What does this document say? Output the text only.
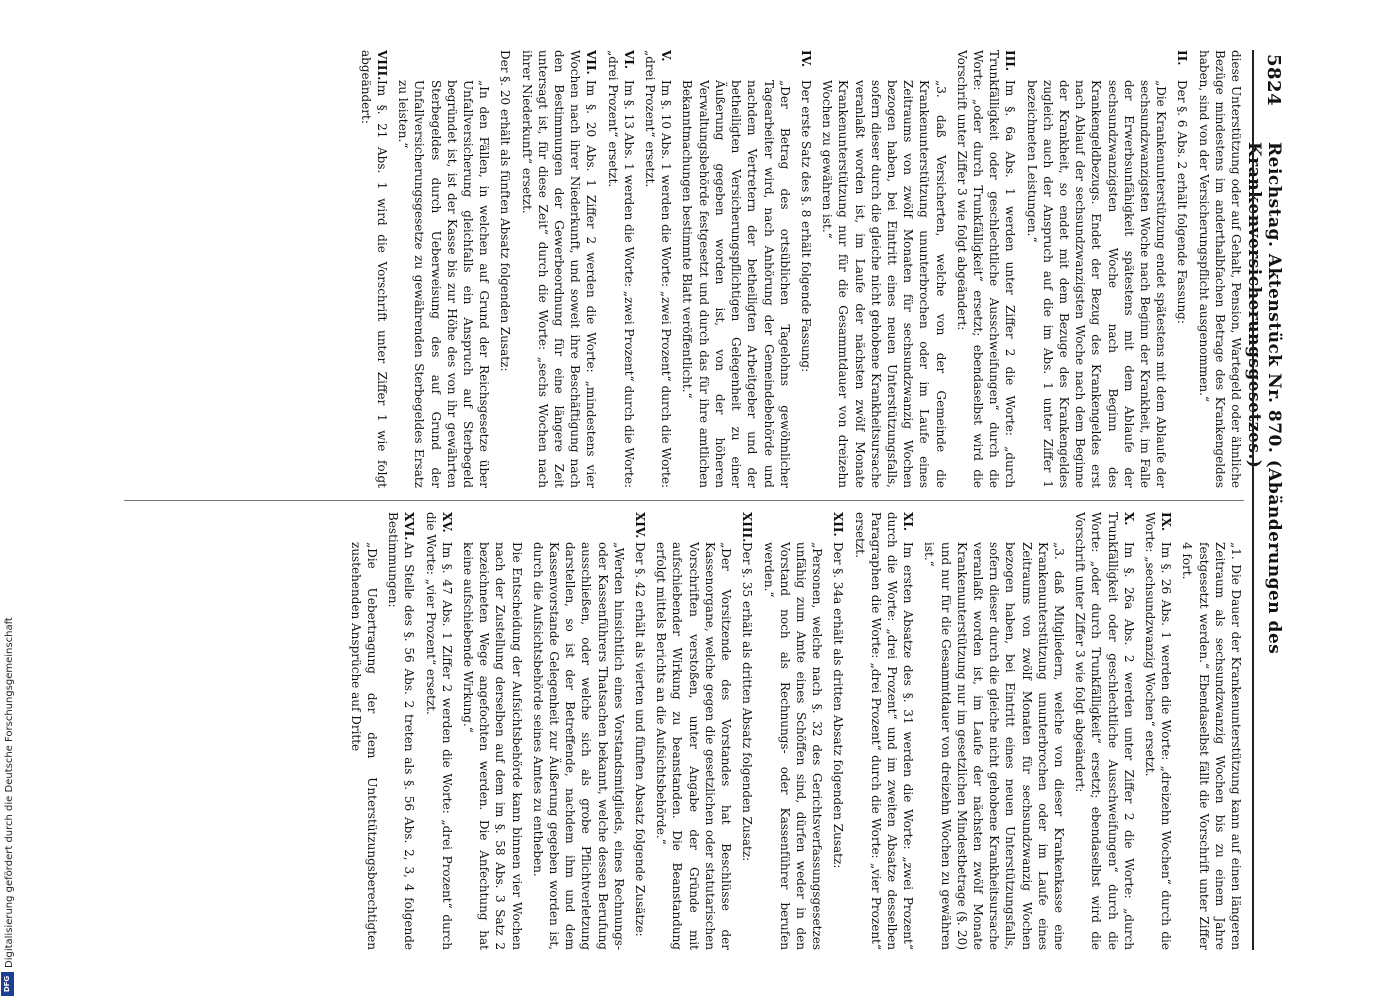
Digitalisierung gefördert durch die Deutsche Forschungsgemeinschaft
DFG
5824
Reichstag. Aktenstück Nr. 870. (Abänderungen des Krankenversicherungsgesetzes.)
diese Unterstützung oder auf Gehalt, Pension, Wartegeld oder ähnliche Bezüge mindestens im anderthalbfachen Betrage des Krankengeldes haben, sind von der Versicherungspflicht ausgenommen.“
II.Der §. 6 Abs. 2 erhält folgende Fassung:
„Die Krankenunterstützung endet spätestens mit dem Ablaufe der sechsundzwanzigsten Woche nach Beginn der Krankheit, im Falle der Erwerbsunfähigkeit spätestens mit dem Ablaufe der sechsundzwanzigsten Woche nach Beginn des Krankengeldbezugs. Endet der Bezug des Krankengeldes erst nach Ablauf der sechsundzwanzigsten Woche nach dem Beginne der Krankheit, so endet mit dem Bezuge des Krankengeldes zugleich auch der Anspruch auf die im Abs. 1 unter Ziffer 1 bezeichneten Leistungen.“
III.Im §. 6a Abs. 1 werden unter Ziffer 2 die Worte: „durch Trunkfälligkeit oder geschlechtliche Ausschweifungen“ durch die Worte: „oder durch Trunkfälligkeit“ ersetzt; ebendaselbst wird die Vorschrift unter Ziffer 3 wie folgt abgeändert:
„3. daß Versicherten, welche von der Gemeinde die Krankenunterstützung ununterbrochen oder im Laufe eines Zeitraums von zwölf Monaten für sechsundzwanzig Wochen bezogen haben, bei Eintritt eines neuen Unterstützungsfalls, sofern dieser durch die gleiche nicht gehobene Krankheitsursache veranlaßt worden ist, im Laufe der nächsten zwölf Monate Krankenunterstützung nur für die Gesammtdauer von dreizehn Wochen zu gewähren ist.“
IV.Der erste Satz des §. 8 erhält folgende Fassung:
„Der Betrag des ortsüblichen Tagelohns gewöhnlicher Tagearbeiter wird, nach Anhörung der Gemeindebehörde und nachdem Vertretern der betheiligten Arbeitgeber und der betheiligten Versicherungspflichtigen Gelegenheit zu einer Äußerung gegeben worden ist, von der höheren Verwaltungsbehörde festgesetzt und durch das für ihre amtlichen Bekanntmachungen bestimmte Blatt veröffentlicht.“
V.Im §. 10 Abs. 1 werden die Worte: „zwei Prozent“ durch die Worte: „drei Prozent“ ersetzt.
VI.Im §. 13 Abs. 1 werden die Worte: „zwei Prozent“ durch die Worte: „drei Prozent“ ersetzt.
VII.Im §. 20 Abs. 1 Ziffer 2 werden die Worte: „mindestens vier Wochen nach ihrer Niederkunft, und soweit ihre Beschäftigung nach den Bestimmungen der Gewerbeordnung für eine längere Zeit untersagt ist, für diese Zeit“ durch die Worte: „sechs Wochen nach ihrer Niederkunft“ ersetzt.
Der §. 20 erhält als fünften Absatz folgenden Zusatz:
„In den Fällen, in welchen auf Grund der Reichsgesetze über Unfallversicherung gleichfalls ein Anspruch auf Sterbegeld begründet ist, ist der Kasse bis zur Höhe des von ihr gewährten Sterbegeldes durch Ueberweisung des auf Grund der Unfallversicherungsgesetze zu gewährenden Sterbegeldes Ersatz zu leisten.“
VIII.Im §. 21 Abs. 1 wird die Vorschrift unter Ziffer 1 wie folgt abgeändert:
„1. Die Dauer der Krankenunterstützung kann auf einen längeren Zeitraum als sechsundzwanzig Wochen bis zu einem Jahre festgesetzt werden.“ Ebendaselbst fällt die Vorschrift unter Ziffer 4 fort.
IX.Im §. 26 Abs. 1 werden die Worte: „dreizehn Wochen“ durch die Worte: „sechsundzwanzig Wochen“ ersetzt.
X.Im §. 26a Abs. 2 werden unter Ziffer 2 die Worte: „durch Trunkfälligkeit oder geschlechtliche Ausschweifungen“ durch die Worte: „oder durch Trunkfälligkeit“ ersetzt; ebendaselbst wird die Vorschrift unter Ziffer 3 wie folgt abgeändert:
„3. daß Mitgliedern, welche von dieser Krankenkasse eine Krankenunterstützung ununterbrochen oder im Laufe eines Zeitraums von zwölf Monaten für sechsundzwanzig Wochen bezogen haben, bei Eintritt eines neuen Unterstützungsfalls, sofern dieser durch die gleiche nicht gehobene Krankheitsursache veranlaßt worden ist, im Laufe der nächsten zwölf Monate Krankenunterstützung nur im gesetzlichen Mindestbetrage (§. 20) und nur für die Gesammtdauer von dreizehn Wochen zu gewähren ist.“
XI.Im ersten Absatze des §. 31 werden die Worte: „zwei Prozent“ durch die Worte: „drei Prozent“ und im zweiten Absatze desselben Paragraphen die Worte: „drei Prozent“ durch die Worte: „vier Prozent“ ersetzt.
XII.Der §. 34a erhält als dritten Absatz folgenden Zusatz:
„Personen, welche nach §. 32 des Gerichtsverfassungsgesetzes unfähig zum Amte eines Schöffen sind, dürfen weder in den Vorstand noch als Rechnungs- oder Kassenführer berufen werden.“
XIII.Der §. 35 erhält als dritten Absatz folgenden Zusatz:
„Der Vorsitzende des Vorstandes hat Beschlüsse der Kassenorgane, welche gegen die gesetzlichen oder statutarischen Vorschriften verstoßen, unter Angabe der Gründe mit aufschiebender Wirkung zu beanstanden. Die Beanstandung erfolgt mittels Berichts an die Aufsichtsbehörde.“
XIV.Der §. 42 erhält als vierten und fünften Absatz folgende Zusätze:
„Werden hinsichtlich eines Vorstandsmitglieds, eines Rechnungs- oder Kassenführers Thatsachen bekannt, welche dessen Berufung ausschließen, oder welche sich als grobe Pflichtverletzung darstellen, so ist der Betreffende, nachdem ihm und dem Kassenvorstande Gelegenheit zur Äußerung gegeben worden ist, durch die Aufsichtsbehörde seines Amtes zu entheben.
Die Entscheidung der Aufsichtsbehörde kann binnen vier Wochen nach der Zustellung derselben auf dem im §. 58 Abs. 3 Satz 2 bezeichneten Wege angefochten werden. Die Anfechtung hat keine aufschiebende Wirkung.“
XV.Im §. 47 Abs. 1 Ziffer 2 werden die Worte: „drei Prozent“ durch die Worte: „vier Prozent“ ersetzt.
XVI.An Stelle des §. 56 Abs. 2 treten als §. 56 Abs. 2, 3, 4 folgende Bestimmungen:
„Die Uebertragung der dem Unterstützungsberechtigten zustehenden Ansprüche auf Dritte
